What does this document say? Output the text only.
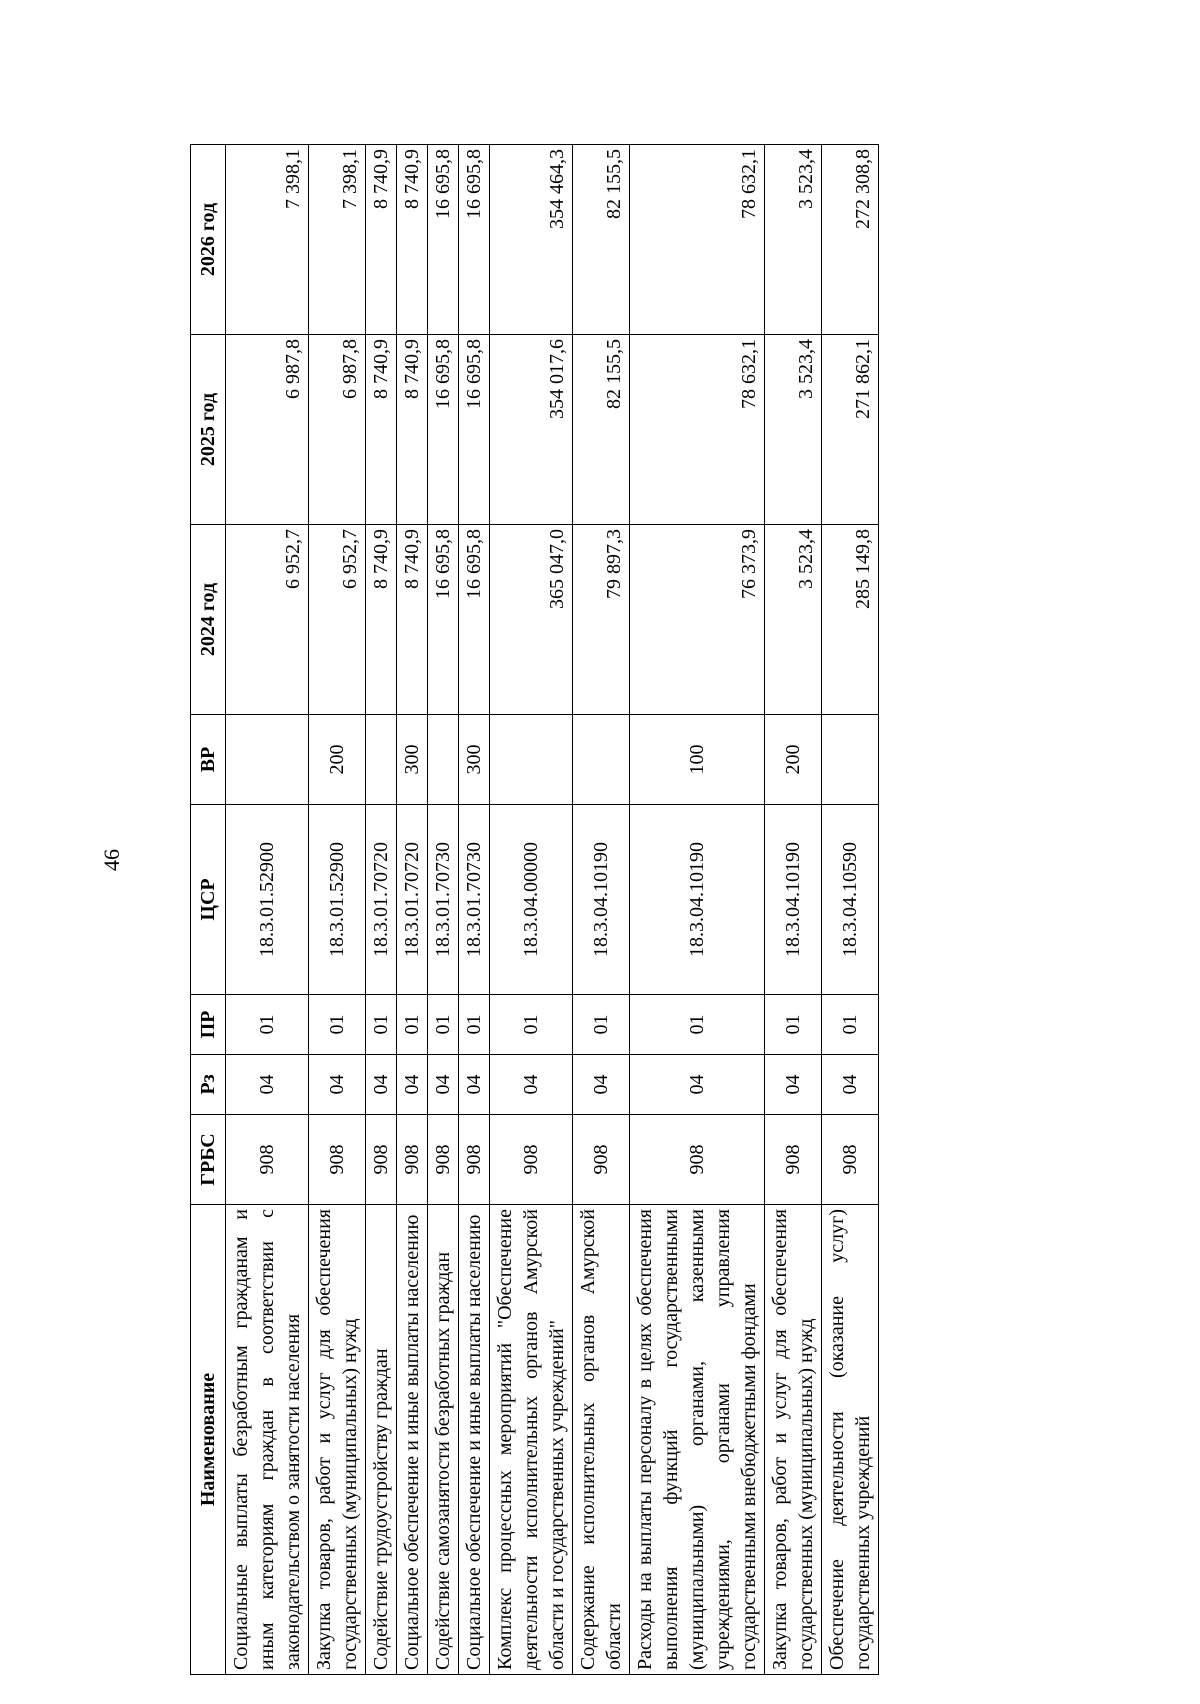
46
Наименование	ГРБС	Рз	ПР	ЦСР	ВР	2024 год	2025 год	2026 год
Социальные выплаты безработным гражданам и иным категориям граждан в соответствии с законодательством о занятости населения	908	04	01	18.3.01.52900		6 952,7	6 987,8	7 398,1
Закупка товаров, работ и услуг для обеспечения государственных (муниципальных) нужд	908	04	01	18.3.01.52900	200	6 952,7	6 987,8	7 398,1
Содействие трудоустройству граждан	908	04	01	18.3.01.70720		8 740,9	8 740,9	8 740,9
Социальное обеспечение и иные выплаты населению	908	04	01	18.3.01.70720	300	8 740,9	8 740,9	8 740,9
Содействие самозанятости безработных граждан	908	04	01	18.3.01.70730		16 695,8	16 695,8	16 695,8
Социальное обеспечение и иные выплаты населению	908	04	01	18.3.01.70730	300	16 695,8	16 695,8	16 695,8
Комплекс процессных мероприятий "Обеспечение деятельности исполнительных органов Амурской области и государственных учреждений"	908	04	01	18.3.04.00000		365 047,0	354 017,6	354 464,3
Содержание исполнительных органов Амурской области	908	04	01	18.3.04.10190		79 897,3	82 155,5	82 155,5
Расходы на выплаты персоналу в целях обеспечения выполнения функций государственными (муниципальными) органами, казенными учреждениями, органами управления государственными внебюджетными фондами	908	04	01	18.3.04.10190	100	76 373,9	78 632,1	78 632,1
Закупка товаров, работ и услуг для обеспечения государственных (муниципальных) нужд	908	04	01	18.3.04.10190	200	3 523,4	3 523,4	3 523,4
Обеспечение деятельности (оказание услуг) государственных учреждений	908	04	01	18.3.04.10590		285 149,8	271 862,1	272 308,8
